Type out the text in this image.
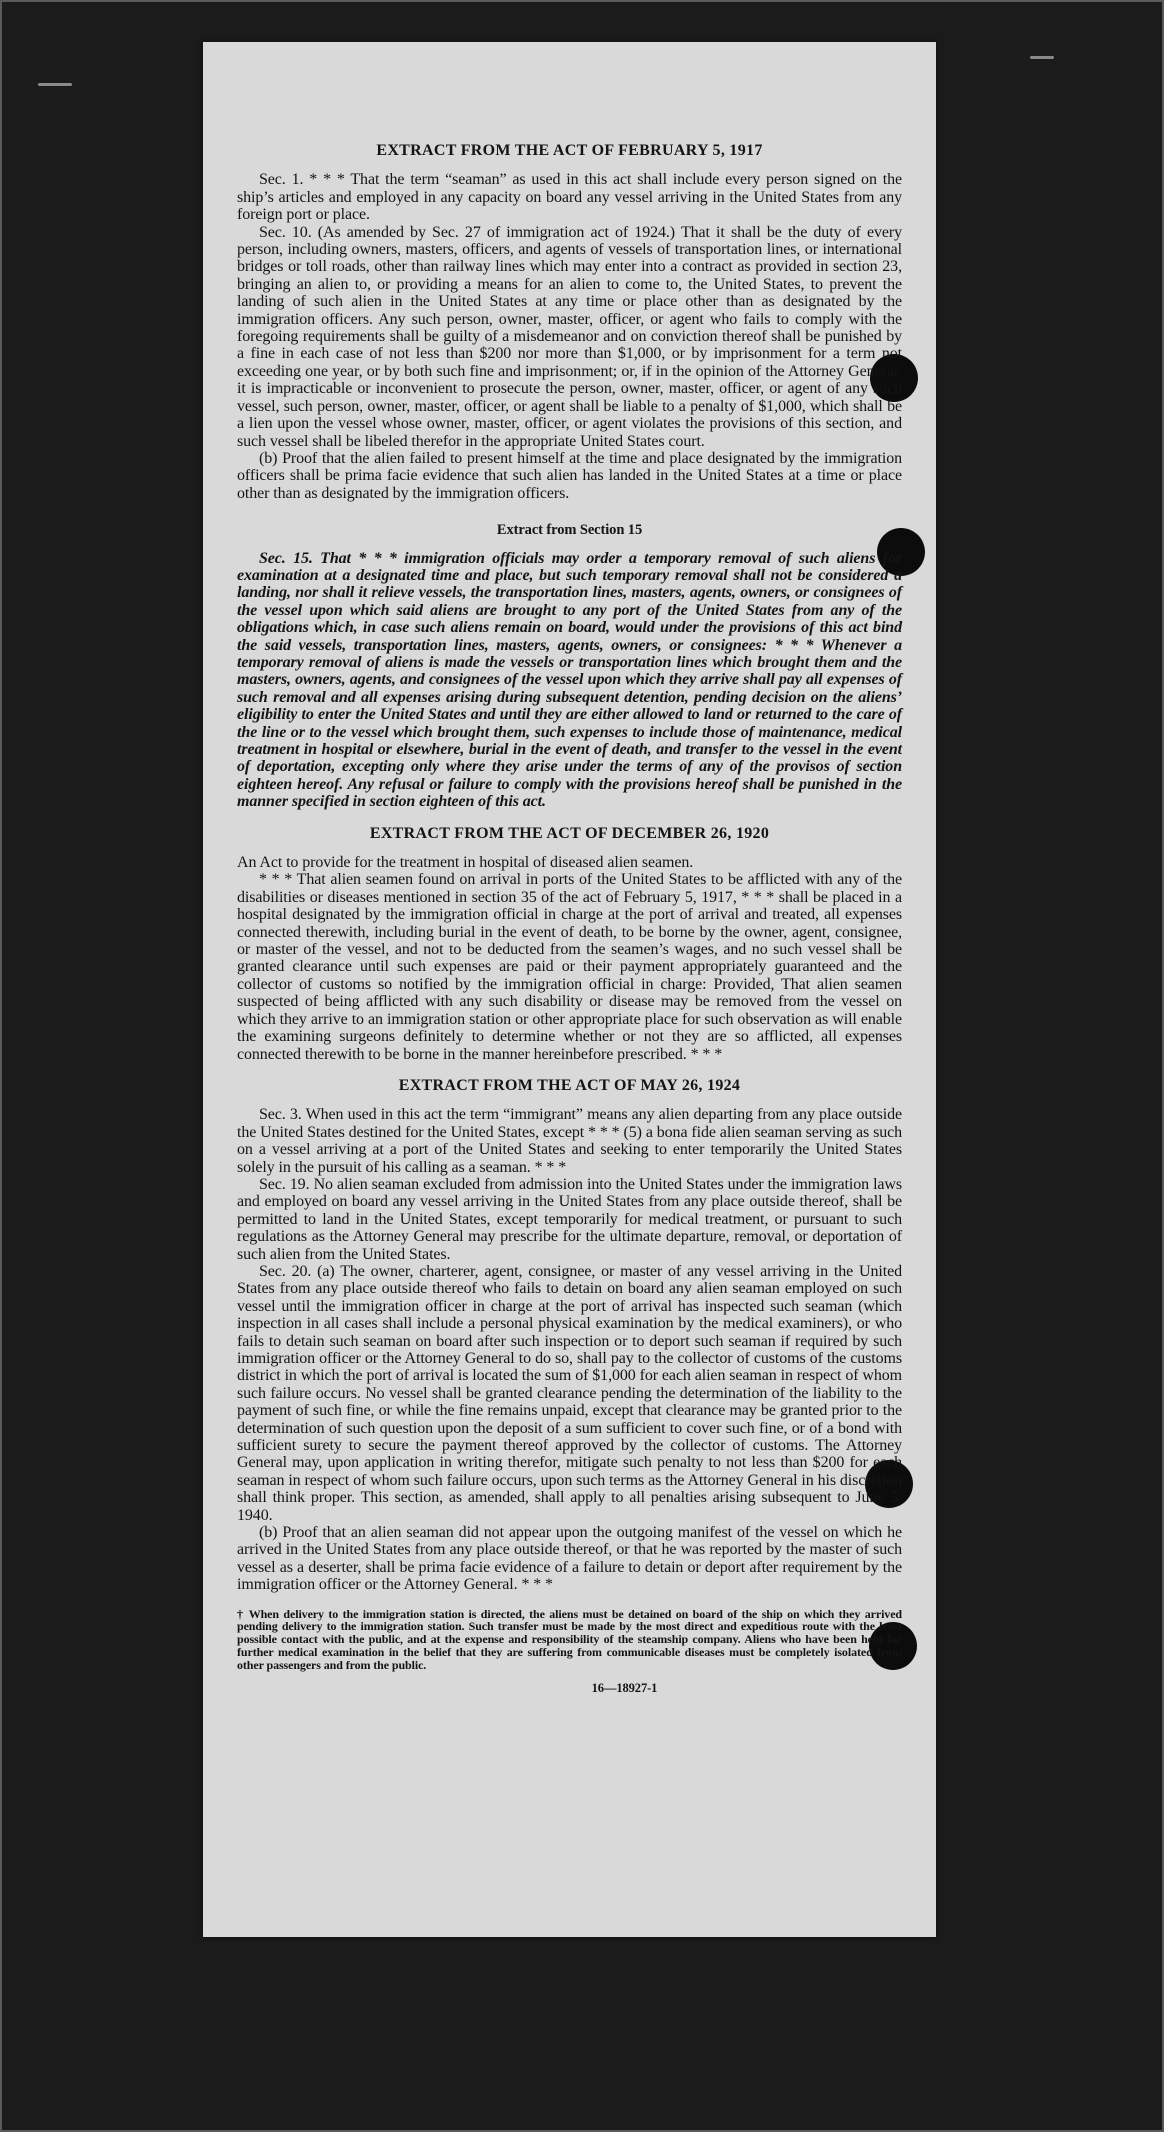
EXTRACT FROM THE ACT OF FEBRUARY 5, 1917

Sec. 1. * * * That the term “seaman” as used in this act shall include every person signed on the ship’s articles and employed in any capacity on board any vessel arriving in the United States from any foreign port or place.

Sec. 10. (As amended by Sec. 27 of immigration act of 1924.) That it shall be the duty of every person, including owners, masters, officers, and agents of vessels of transportation lines, or international bridges or toll roads, other than railway lines which may enter into a contract as provided in section 23, bringing an alien to, or providing a means for an alien to come to, the United States, to prevent the landing of such alien in the United States at any time or place other than as designated by the immigration officers. Any such person, owner, master, officer, or agent who fails to comply with the foregoing requirements shall be guilty of a misdemeanor and on conviction thereof shall be punished by a fine in each case of not less than $200 nor more than $1,000, or by imprisonment for a term not exceeding one year, or by both such fine and imprisonment; or, if in the opinion of the Attorney General, it is impracticable or inconvenient to prosecute the person, owner, master, officer, or agent of any such vessel, such person, owner, master, officer, or agent shall be liable to a penalty of $1,000, which shall be a lien upon the vessel whose owner, master, officer, or agent violates the provisions of this section, and such vessel shall be libeled therefor in the appropriate United States court.

(b) Proof that the alien failed to present himself at the time and place designated by the immigration officers shall be prima facie evidence that such alien has landed in the United States at a time or place other than as designated by the immigration officers.

Extract from Section 15

Sec. 15. That * * * immigration officials may order a temporary removal of such aliens for examination at a designated time and place, but such temporary removal shall not be considered a landing, nor shall it relieve vessels, the transportation lines, masters, agents, owners, or consignees of the vessel upon which said aliens are brought to any port of the United States from any of the obligations which, in case such aliens remain on board, would under the provisions of this act bind the said vessels, transportation lines, masters, agents, owners, or consignees: * * * Whenever a temporary removal of aliens is made the vessels or transportation lines which brought them and the masters, owners, agents, and consignees of the vessel upon which they arrive shall pay all expenses of such removal and all expenses arising during subsequent detention, pending decision on the aliens’ eligibility to enter the United States and until they are either allowed to land or returned to the care of the line or to the vessel which brought them, such expenses to include those of maintenance, medical treatment in hospital or elsewhere, burial in the event of death, and transfer to the vessel in the event of deportation, excepting only where they arise under the terms of any of the provisos of section eighteen hereof. Any refusal or failure to comply with the provisions hereof shall be punished in the manner specified in section eighteen of this act.

EXTRACT FROM THE ACT OF DECEMBER 26, 1920

An Act to provide for the treatment in hospital of diseased alien seamen.

* * * That alien seamen found on arrival in ports of the United States to be afflicted with any of the disabilities or diseases mentioned in section 35 of the act of February 5, 1917, * * * shall be placed in a hospital designated by the immigration official in charge at the port of arrival and treated, all expenses connected therewith, including burial in the event of death, to be borne by the owner, agent, consignee, or master of the vessel, and not to be deducted from the seamen’s wages, and no such vessel shall be granted clearance until such expenses are paid or their payment appropriately guaranteed and the collector of customs so notified by the immigration official in charge: Provided, That alien seamen suspected of being afflicted with any such disability or disease may be removed from the vessel on which they arrive to an immigration station or other appropriate place for such observation as will enable the examining surgeons definitely to determine whether or not they are so afflicted, all expenses connected therewith to be borne in the manner hereinbefore prescribed. * * *

EXTRACT FROM THE ACT OF MAY 26, 1924

Sec. 3. When used in this act the term “immigrant” means any alien departing from any place outside the United States destined for the United States, except * * * (5) a bona fide alien seaman serving as such on a vessel arriving at a port of the United States and seeking to enter temporarily the United States solely in the pursuit of his calling as a seaman. * * *

Sec. 19. No alien seaman excluded from admission into the United States under the immigration laws and employed on board any vessel arriving in the United States from any place outside thereof, shall be permitted to land in the United States, except temporarily for medical treatment, or pursuant to such regulations as the Attorney General may prescribe for the ultimate departure, removal, or deportation of such alien from the United States.

Sec. 20. (a) The owner, charterer, agent, consignee, or master of any vessel arriving in the United States from any place outside thereof who fails to detain on board any alien seaman employed on such vessel until the immigration officer in charge at the port of arrival has inspected such seaman (which inspection in all cases shall include a personal physical examination by the medical examiners), or who fails to detain such seaman on board after such inspection or to deport such seaman if required by such immigration officer or the Attorney General to do so, shall pay to the collector of customs of the customs district in which the port of arrival is located the sum of $1,000 for each alien seaman in respect of whom such failure occurs. No vessel shall be granted clearance pending the determination of the liability to the payment of such fine, or while the fine remains unpaid, except that clearance may be granted prior to the determination of such question upon the deposit of a sum sufficient to cover such fine, or of a bond with sufficient surety to secure the payment thereof approved by the collector of customs. The Attorney General may, upon application in writing therefor, mitigate such penalty to not less than $200 for each seaman in respect of whom such failure occurs, upon such terms as the Attorney General in his discretion shall think proper. This section, as amended, shall apply to all penalties arising subsequent to June 5, 1940.

(b) Proof that an alien seaman did not appear upon the outgoing manifest of the vessel on which he arrived in the United States from any place outside thereof, or that he was reported by the master of such vessel as a deserter, shall be prima facie evidence of a failure to detain or deport after requirement by the immigration officer or the Attorney General. * * *

† When delivery to the immigration station is directed, the aliens must be detained on board of the ship on which they arrived pending delivery to the immigration station. Such transfer must be made by the most direct and expeditious route with the least possible contact with the public, and at the expense and responsibility of the steamship company. Aliens who have been held for further medical examination in the belief that they are suffering from communicable diseases must be completely isolated from other passengers and from the public.
16—18927-1
